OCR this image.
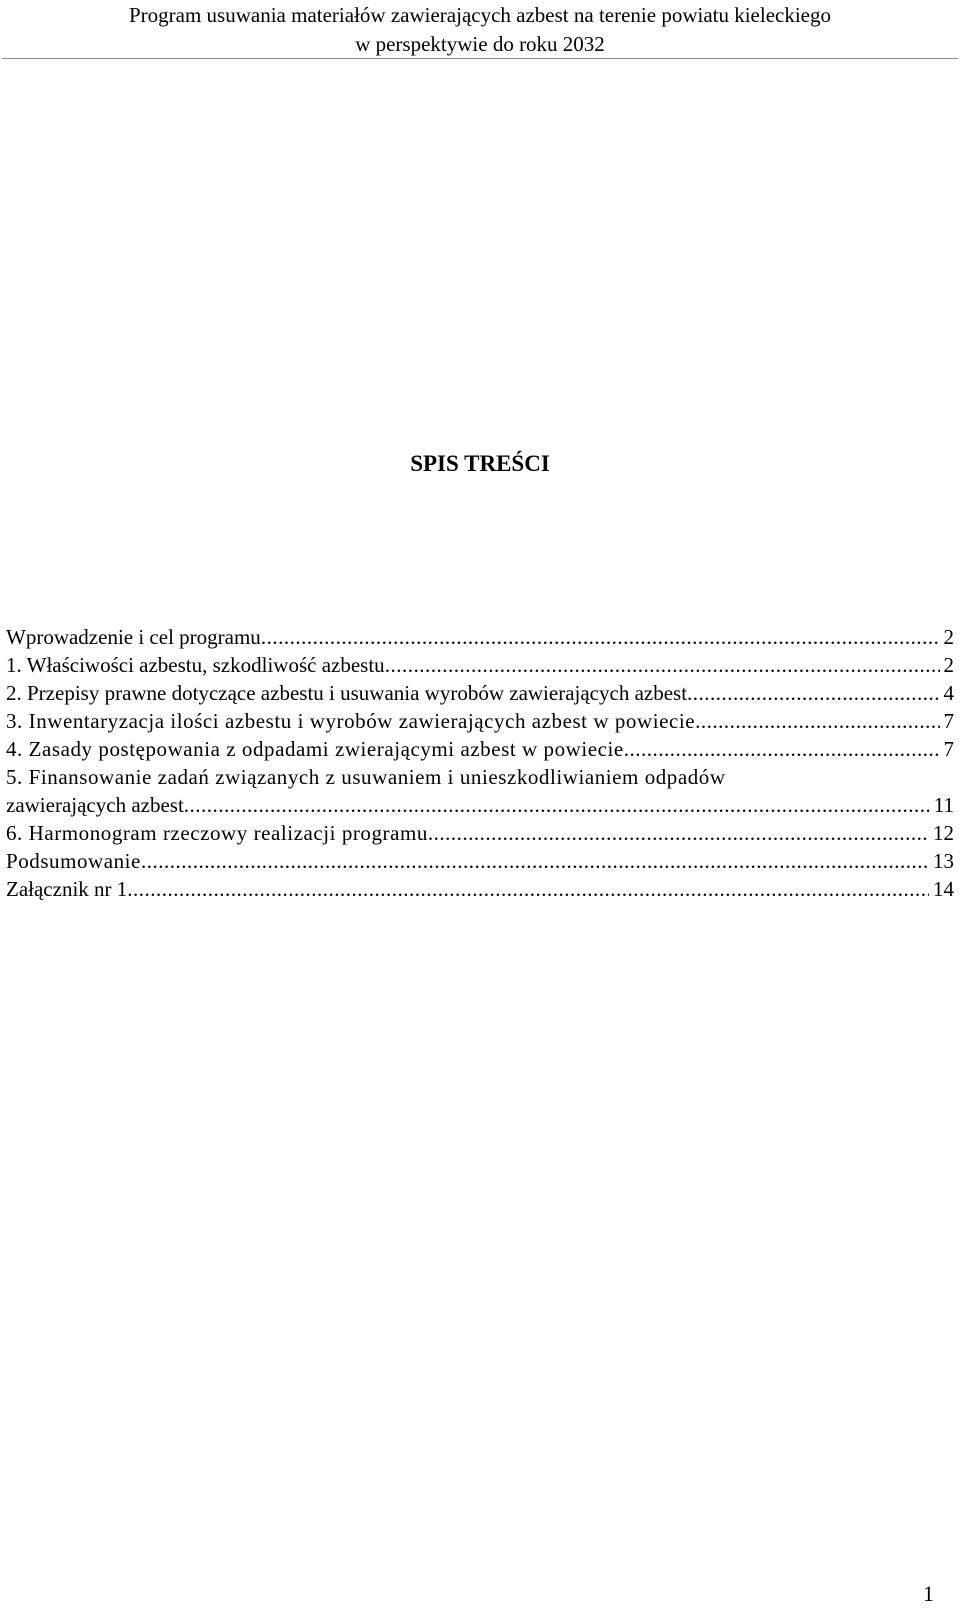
Program usuwania materiałów zawierających azbest na terenie powiatu kieleckiego
w perspektywie do roku 2032
SPIS TREŚCI
Wprowadzenie i cel programu .....	2
1. Właściwości azbestu, szkodliwość azbestu .....	2
2. Przepisy prawne dotyczące azbestu i usuwania wyrobów zawierających azbest .....	4
3. Inwentaryzacja ilości azbestu i wyrobów zawierających azbest w powiecie .....	7
4. Zasady postępowania z odpadami zwierającymi azbest w powiecie .....	7
5. Finansowanie zadań związanych z usuwaniem i unieszkodliwianiem odpadów
zawierających azbest .....	11
6. Harmonogram rzeczowy realizacji programu .....	12
Podsumowanie .....	13
Załącznik nr 1 .....	14
1
